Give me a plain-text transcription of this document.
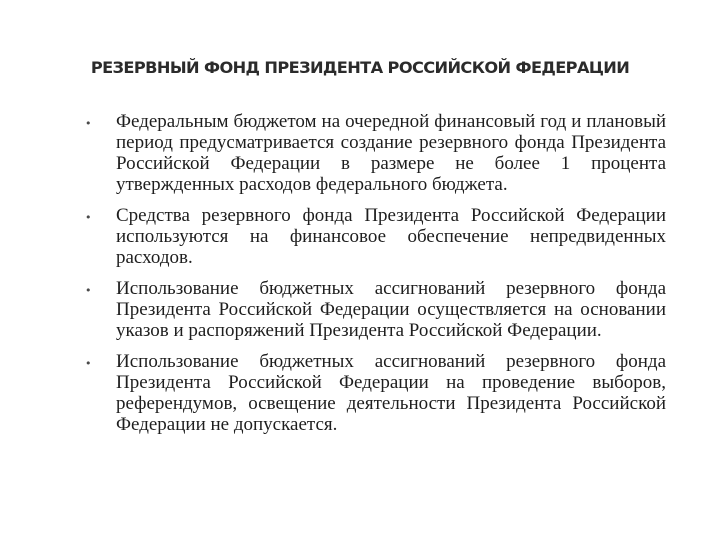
РЕЗЕРВНЫЙ ФОНД ПРЕЗИДЕНТА РОССИЙСКОЙ ФЕДЕРАЦИИ
• Федеральным бюджетом на очередной финансовый год и плановый период предусматривается создание резервного фонда Президента Российской Федерации в размере не более 1 процента утвержденных расходов федерального бюджета.
• Средства резервного фонда Президента Российской Федерации используются на финансовое обеспечение непредвиденных расходов.
• Использование бюджетных ассигнований резервного фонда Президента Российской Федерации осуществляется на основании указов и распоряжений Президента Российской Федерации.
• Использование бюджетных ассигнований резервного фонда Президента Российской Федерации на проведение выборов, референдумов, освещение деятельности Президента Российской Федерации не допускается.
